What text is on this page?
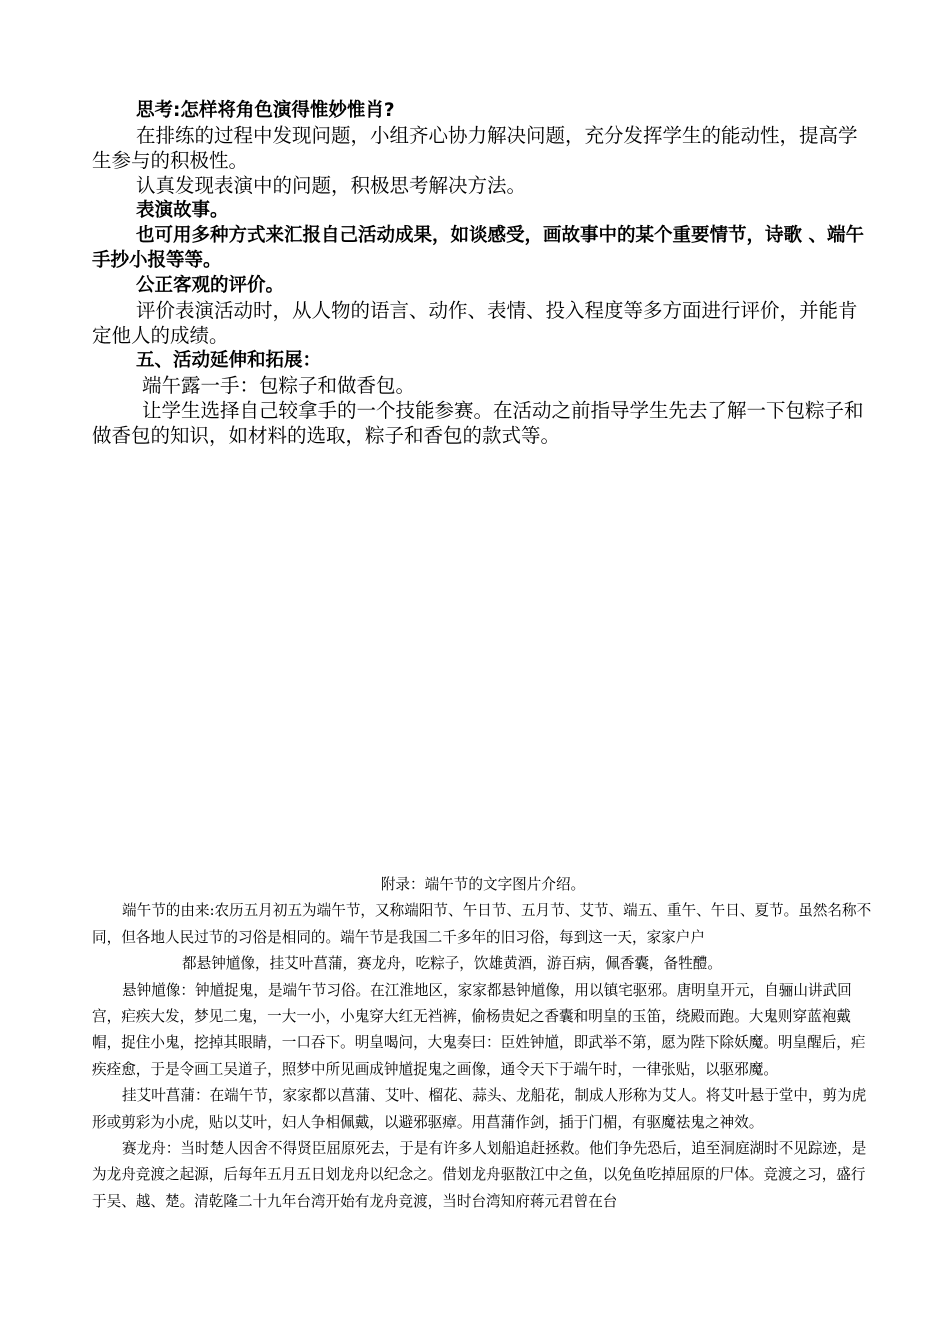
思考:怎样将角色演得惟妙惟肖?

在排练的过程中发现问题，小组齐心协力解决问题，充分发挥学生的能动性，提高学生参与的积极性。

认真发现表演中的问题，积极思考解决方法。

表演故事。

也可用多种方式来汇报自己活动成果，如谈感受，画故事中的某个重要情节，诗歌 、端午手抄小报等等。

公正客观的评价。

评价表演活动时，从人物的语言、动作、表情、投入程度等多方面进行评价，并能肯定他人的成绩。

五、活动延伸和拓展：

端午露一手：包粽子和做香包。

让学生选择自己较拿手的一个技能参赛。在活动之前指导学生先去了解一下包粽子和做香包的知识，如材料的选取，粽子和香包的款式等。

附录：端午节的文字图片介绍。

端午节的由来:农历五月初五为端午节，又称端阳节、午日节、五月节、艾节、端五、重午、午日、夏节。虽然名称不同，但各地人民过节的习俗是相同的。端午节是我国二千多年的旧习俗，每到这一天，家家户户

都悬钟馗像，挂艾叶菖蒲，赛龙舟，吃粽子，饮雄黄酒，游百病，佩香囊，备牲醴。

悬钟馗像：钟馗捉鬼，是端午节习俗。在江淮地区，家家都悬钟馗像，用以镇宅驱邪。唐明皇开元，自骊山讲武回宫，疟疾大发，梦见二鬼，一大一小，小鬼穿大红无裆裤，偷杨贵妃之香囊和明皇的玉笛，绕殿而跑。大鬼则穿蓝袍戴帽，捉住小鬼，挖掉其眼睛，一口吞下。明皇喝问，大鬼奏曰：臣姓钟馗，即武举不第，愿为陛下除妖魔。明皇醒后，疟疾痊愈，于是令画工吴道子，照梦中所见画成钟馗捉鬼之画像，通令天下于端午时，一律张贴，以驱邪魔。

挂艾叶菖蒲：在端午节，家家都以菖蒲、艾叶、榴花、蒜头、龙船花，制成人形称为艾人。将艾叶悬于堂中，剪为虎形或剪彩为小虎，贴以艾叶，妇人争相佩戴，以避邪驱瘴。用菖蒲作剑，插于门楣，有驱魔祛鬼之神效。

赛龙舟：当时楚人因舍不得贤臣屈原死去，于是有许多人划船追赶拯救。他们争先恐后，追至洞庭湖时不见踪迹，是为龙舟竞渡之起源，后每年五月五日划龙舟以纪念之。借划龙舟驱散江中之鱼，以免鱼吃掉屈原的尸体。竞渡之习，盛行于吴、越、楚。清乾隆二十九年台湾开始有龙舟竞渡，当时台湾知府蒋元君曾在台
